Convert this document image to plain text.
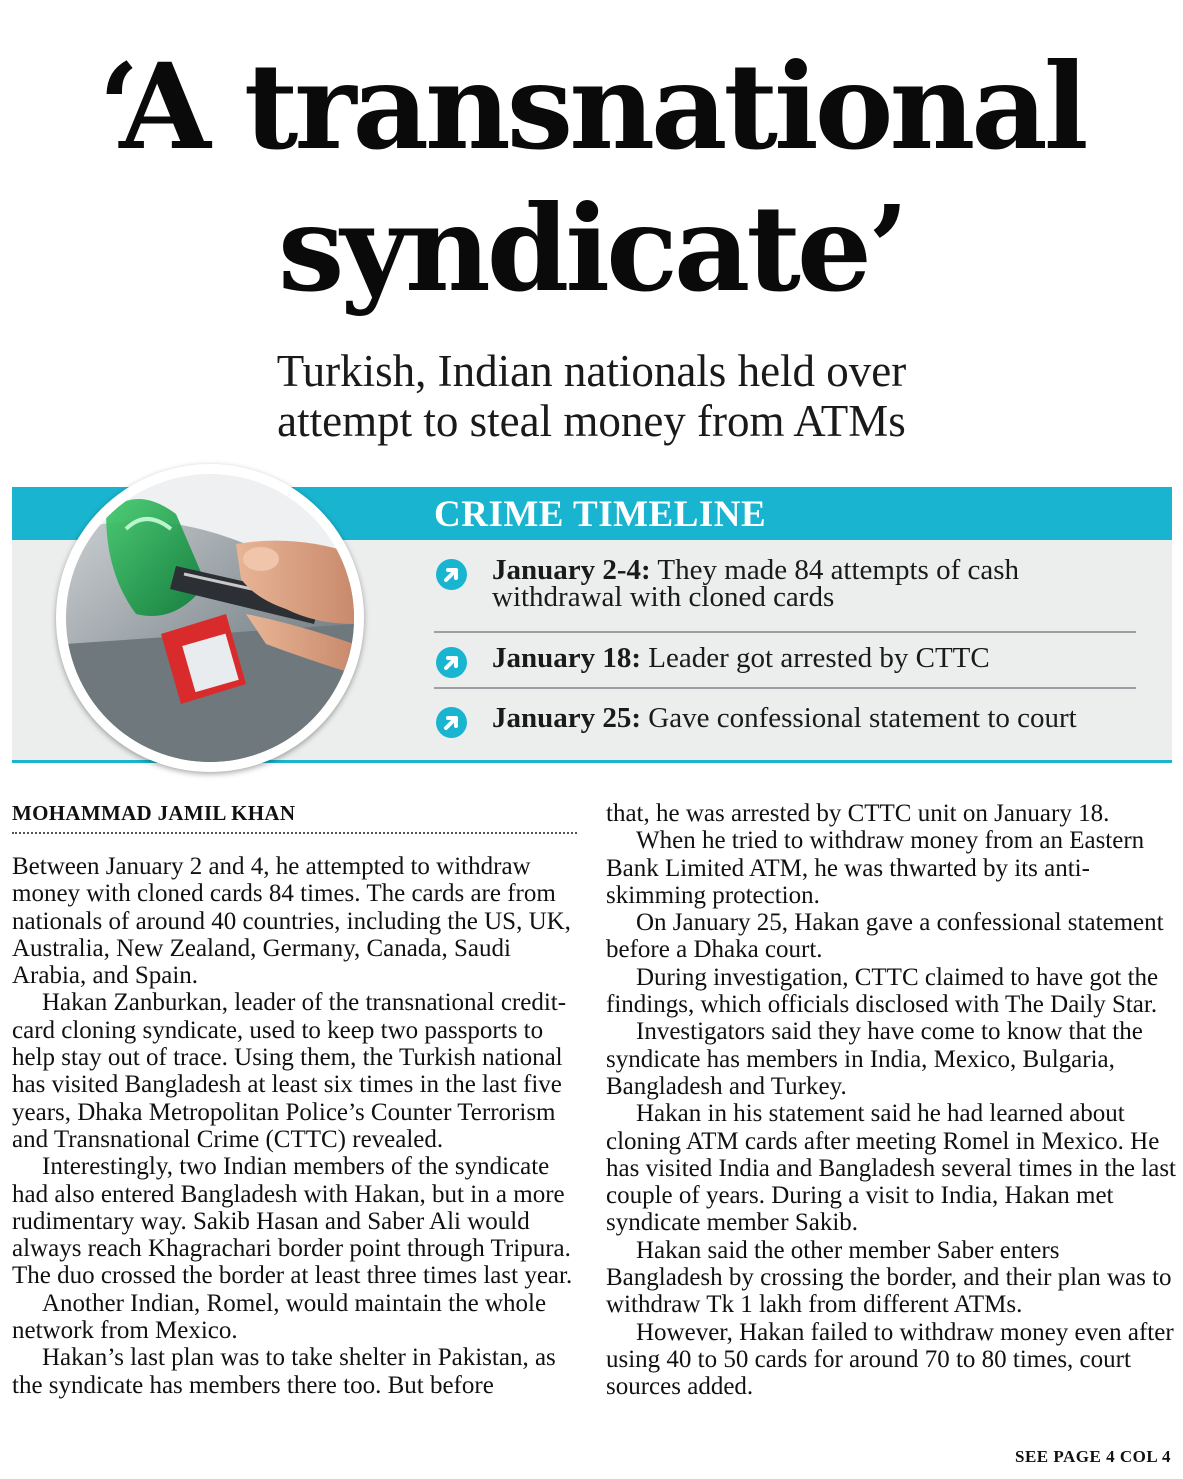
‘A transnational
syndicate’
Turkish, Indian nationals held over
attempt to steal money from ATMs
CRIME TIMELINE
January 2-4: They made 84 attempts of cash withdrawal with cloned cards
January 18: Leader got arrested by CTTC
January 25: Gave confessional statement to court
MOHAMMAD JAMIL KHAN

Between January 2 and 4, he attempted to withdraw money with cloned cards 84 times. The cards are from nationals of around 40 countries, including the US, UK, Australia, New Zealand, Germany, Canada, Saudi Arabia, and Spain.

Hakan Zanburkan, leader of the transnational credit-card cloning syndicate, used to keep two passports to help stay out of trace. Using them, the Turkish national has visited Bangladesh at least six times in the last five years, Dhaka Metropolitan Police’s Counter Terrorism and Transnational Crime (CTTC) revealed.

Interestingly, two Indian members of the syndicate had also entered Bangladesh with Hakan, but in a more rudimentary way. Sakib Hasan and Saber Ali would always reach Khagrachari border point through Tripura. The duo crossed the border at least three times last year.

Another Indian, Romel, would maintain the whole network from Mexico.

Hakan’s last plan was to take shelter in Pakistan, as the syndicate has members there too. But before

that, he was arrested by CTTC unit on January 18.

When he tried to withdraw money from an Eastern Bank Limited ATM, he was thwarted by its anti-skimming protection.

On January 25, Hakan gave a confessional statement before a Dhaka court.

During investigation, CTTC claimed to have got the findings, which officials disclosed with The Daily Star.

Investigators said they have come to know that the syndicate has members in India, Mexico, Bulgaria, Bangladesh and Turkey.

Hakan in his statement said he had learned about cloning ATM cards after meeting Romel in Mexico. He has visited India and Bangladesh several times in the last couple of years. During a visit to India, Hakan met syndicate member Sakib.

Hakan said the other member Saber enters Bangladesh by crossing the border, and their plan was to withdraw Tk 1 lakh from different ATMs.

However, Hakan failed to withdraw money even after using 40 to 50 cards for around 70 to 80 times, court sources added.

SEE PAGE 4 COL 4
